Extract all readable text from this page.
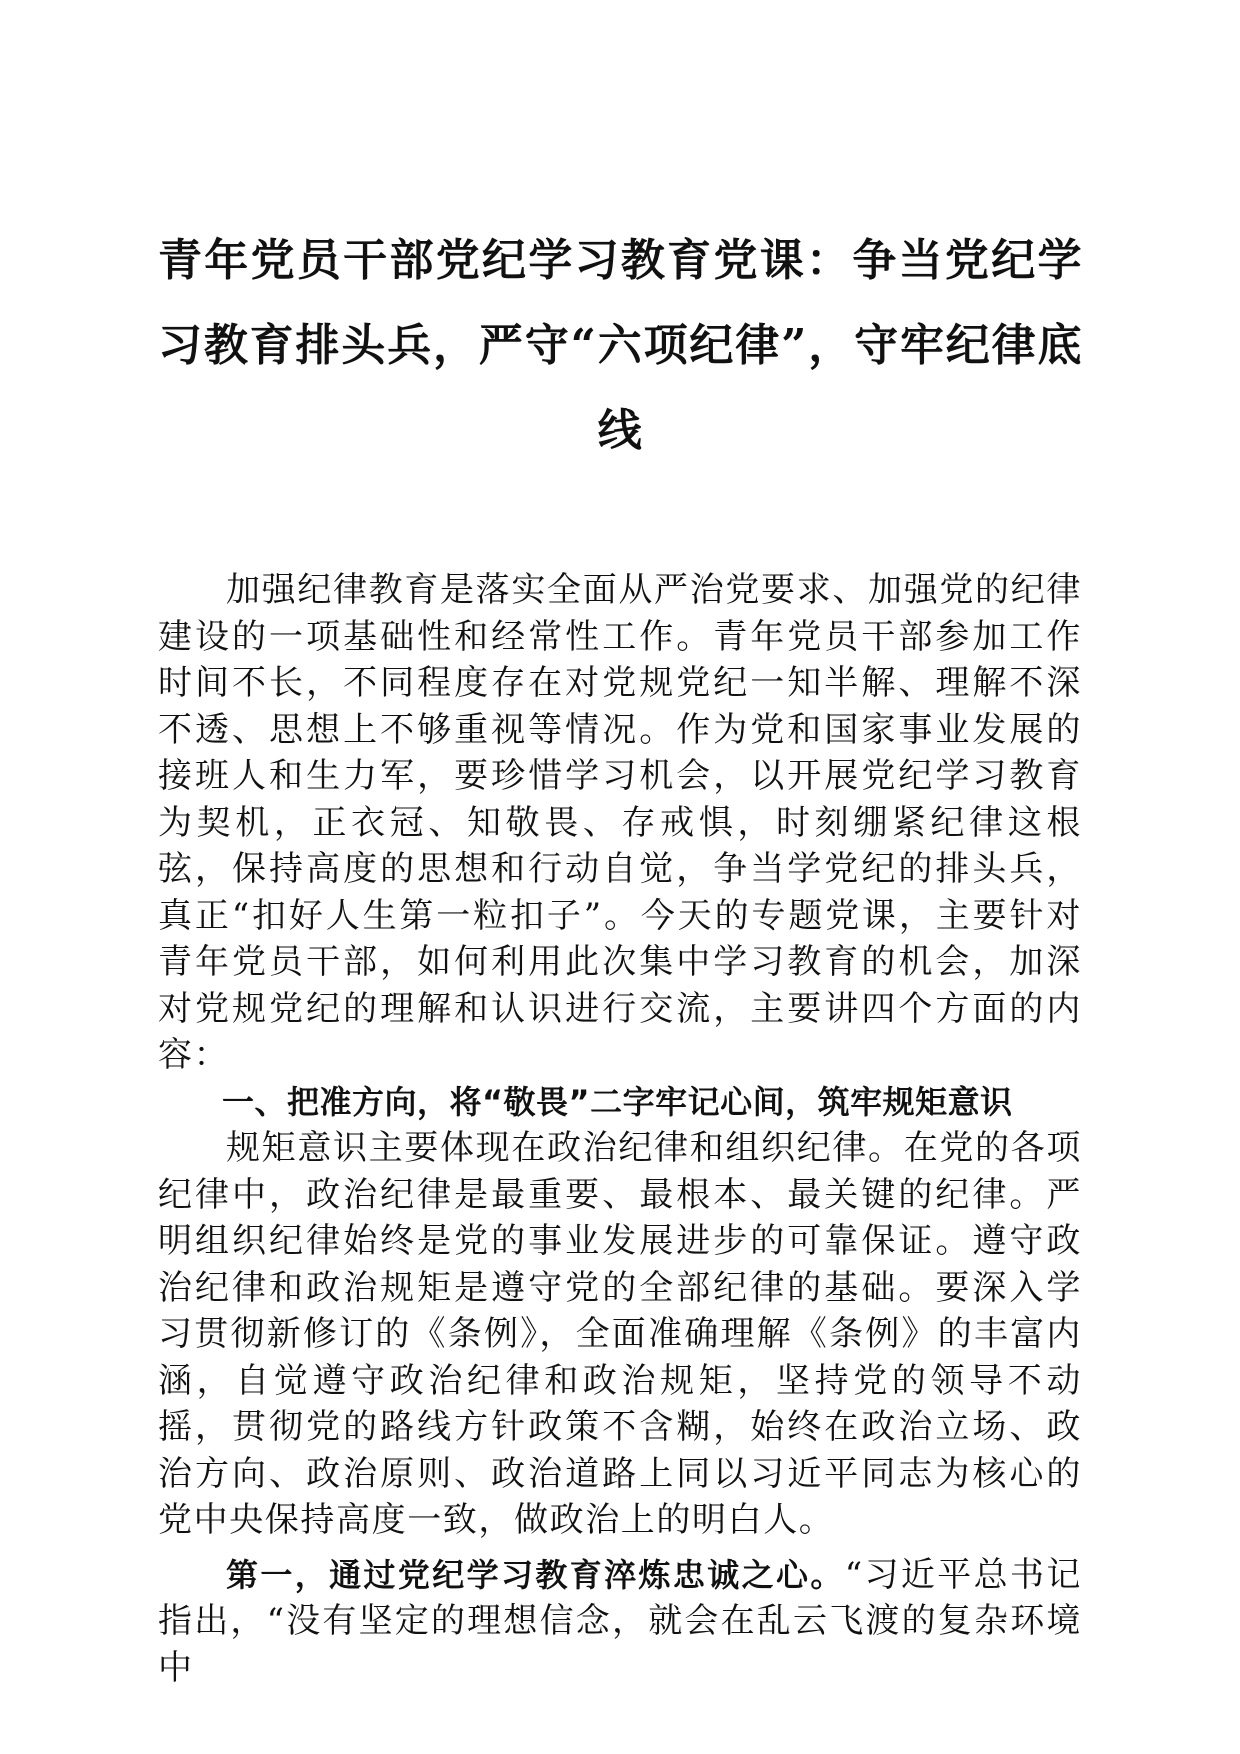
青年党员干部党纪学习教育党课：争当党纪学习教育排头兵，严守“六项纪律”，守牢纪律底线

加强纪律教育是落实全面从严治党要求、加强党的纪律建设的一项基础性和经常性工作。青年党员干部参加工作时间不长，不同程度存在对党规党纪一知半解、理解不深不透、思想上不够重视等情况。作为党和国家事业发展的接班人和生力军，要珍惜学习机会，以开展党纪学习教育为契机，正衣冠、知敬畏、存戒惧，时刻绷紧纪律这根弦，保持高度的思想和行动自觉，争当学党纪的排头兵，真正“扣好人生第一粒扣子”。今天的专题党课，主要针对青年党员干部，如何利用此次集中学习教育的机会，加深对党规党纪的理解和认识进行交流，主要讲四个方面的内容：

一、把准方向，将“敬畏”二字牢记心间，筑牢规矩意识

规矩意识主要体现在政治纪律和组织纪律。在党的各项纪律中，政治纪律是最重要、最根本、最关键的纪律。严明组织纪律始终是党的事业发展进步的可靠保证。遵守政治纪律和政治规矩是遵守党的全部纪律的基础。要深入学习贯彻新修订的《条例》，全面准确理解《条例》的丰富内涵，自觉遵守政治纪律和政治规矩，坚持党的领导不动摇，贯彻党的路线方针政策不含糊，始终在政治立场、政治方向、政治原则、政治道路上同以习近平同志为核心的党中央保持高度一致，做政治上的明白人。

第一，通过党纪学习教育淬炼忠诚之心。“习近平总书记指出，“没有坚定的理想信念，就会在乱云飞渡的复杂环境中
